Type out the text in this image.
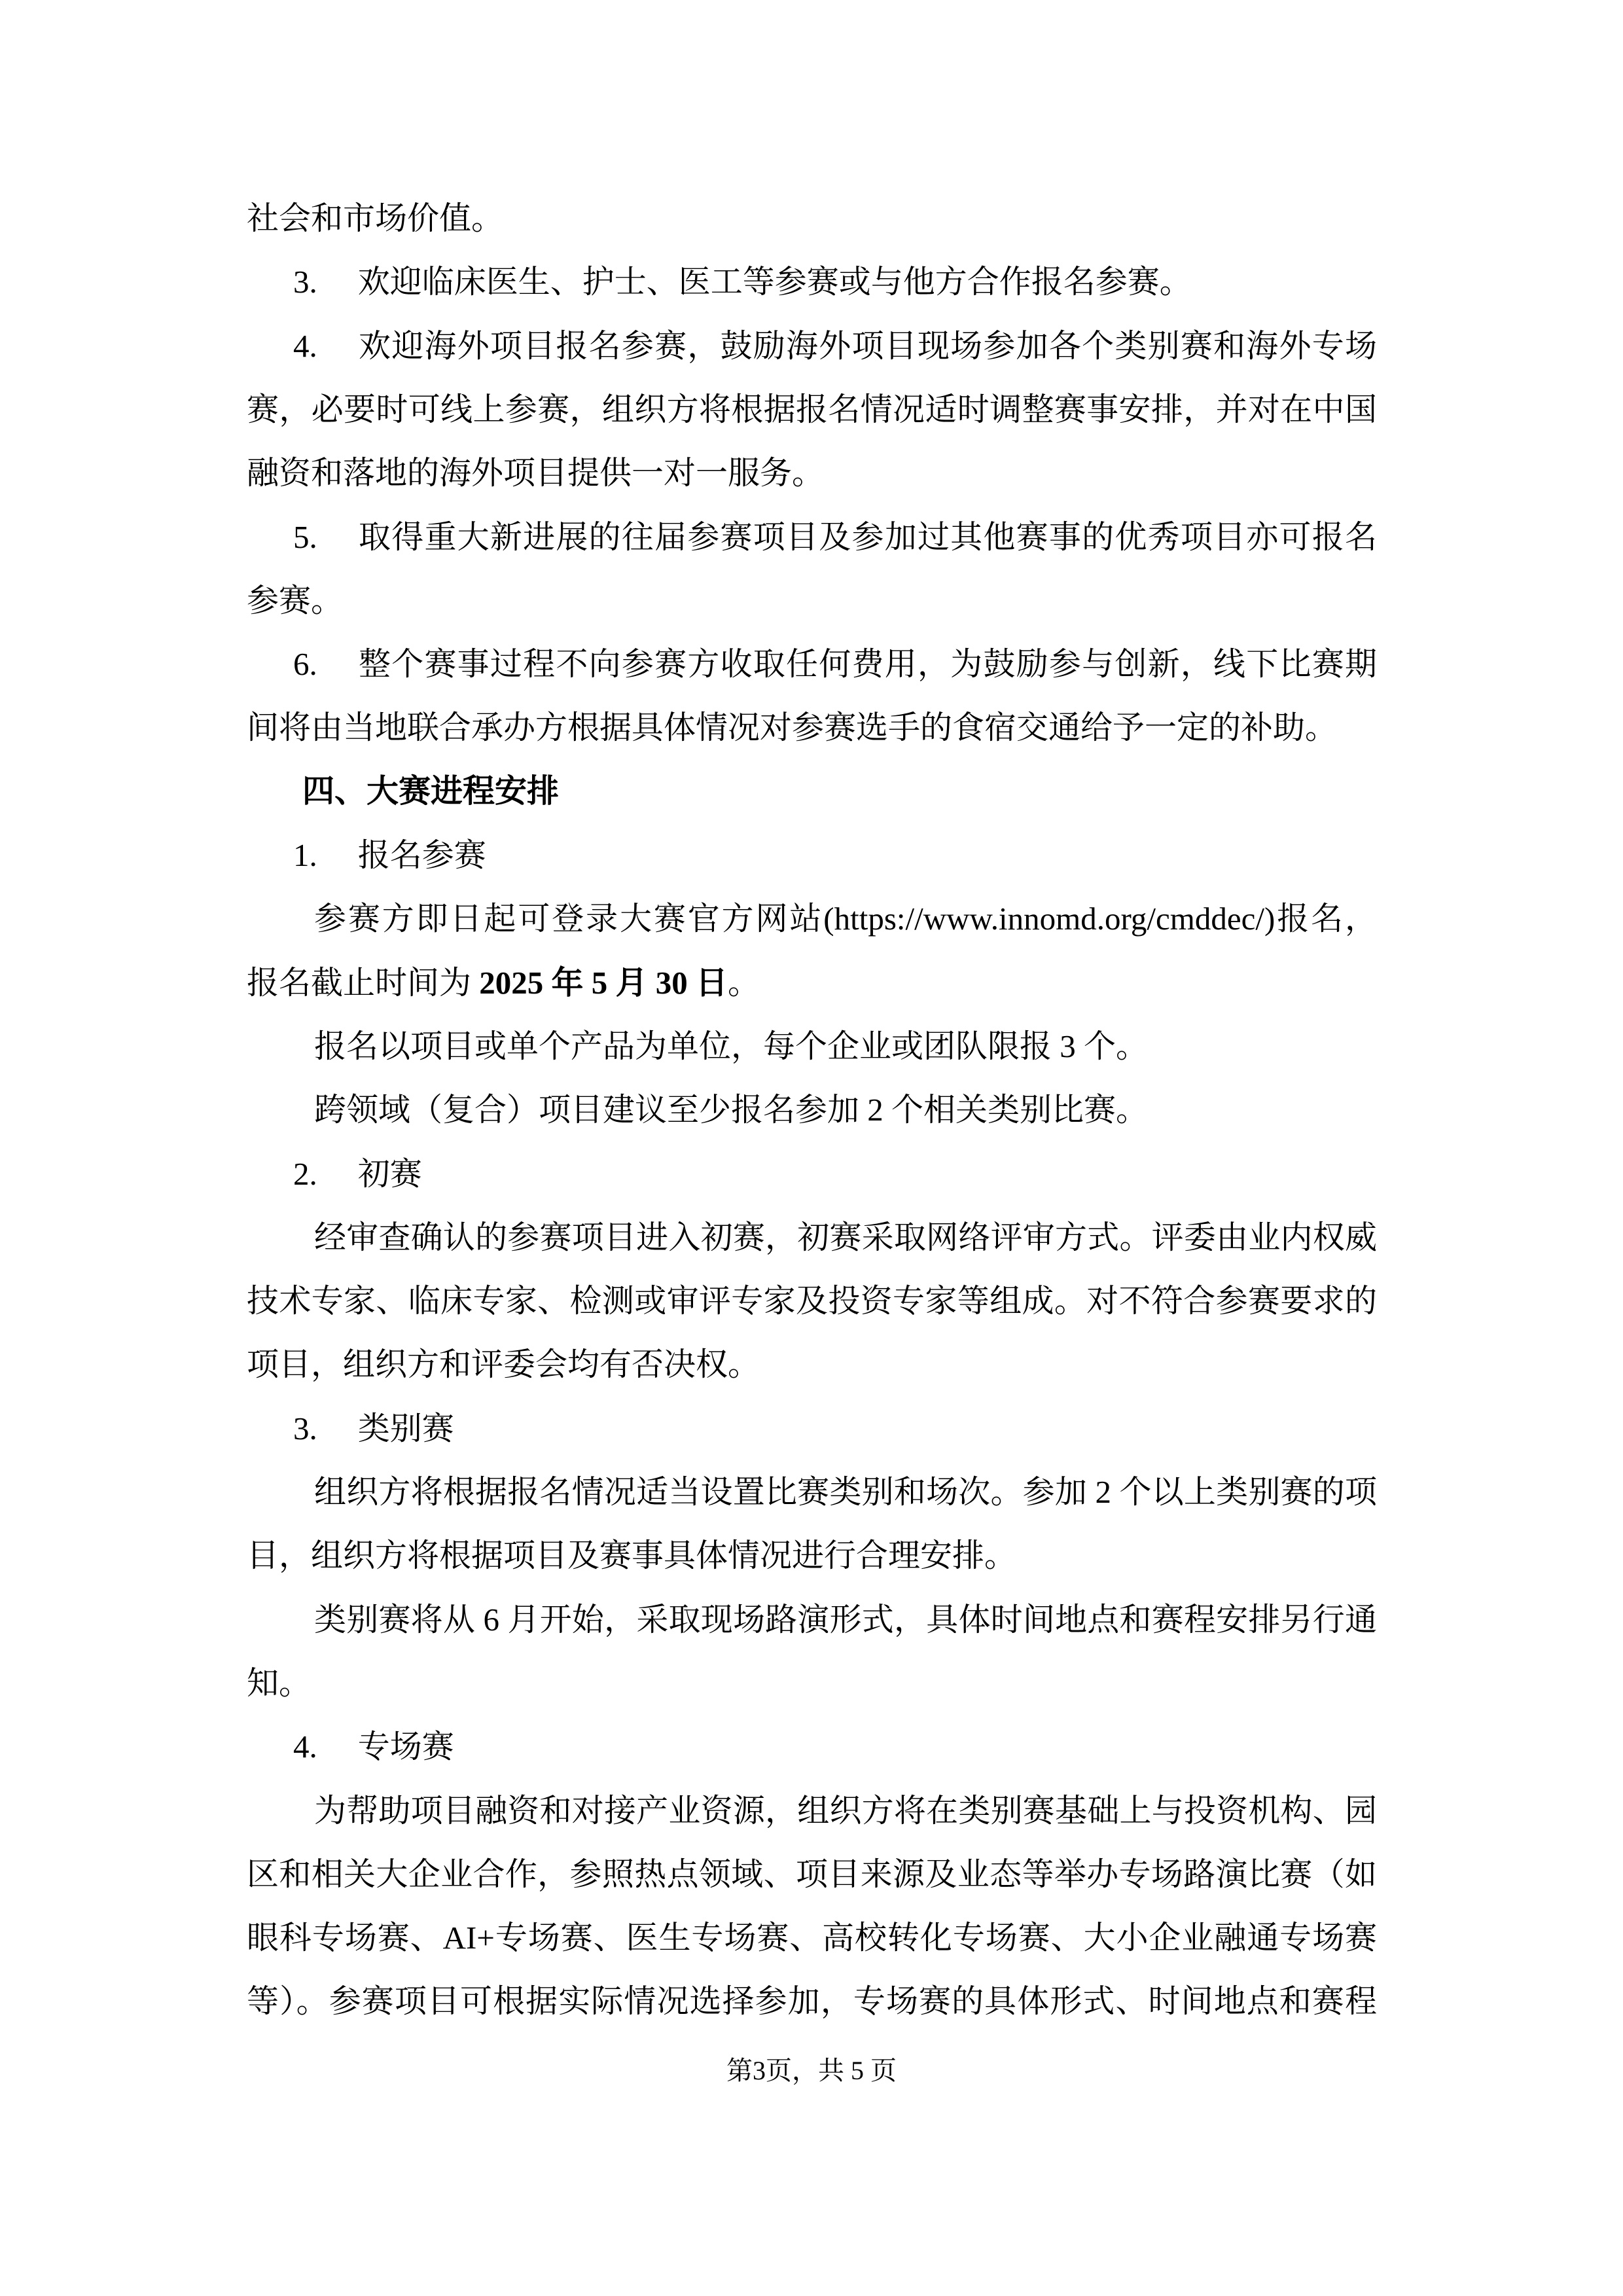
社会和市场价值。
3. 欢迎临床医生、护士、医工等参赛或与他方合作报名参赛。
4. 欢迎海外项目报名参赛，鼓励海外项目现场参加各个类别赛和海外专场
赛，必要时可线上参赛，组织方将根据报名情况适时调整赛事安排，并对在中国
融资和落地的海外项目提供一对一服务。
5. 取得重大新进展的往届参赛项目及参加过其他赛事的优秀项目亦可报名
参赛。
6. 整个赛事过程不向参赛方收取任何费用，为鼓励参与创新，线下比赛期
间将由当地联合承办方根据具体情况对参赛选手的食宿交通给予一定的补助。
四、大赛进程安排
1. 报名参赛
参赛方即日起可登录大赛官方网站(https://www.innomd.org/cmddec/)报名，
报名截止时间为 2025 年 5 月 30 日。
报名以项目或单个产品为单位，每个企业或团队限报 3 个。
跨领域（复合）项目建议至少报名参加 2 个相关类别比赛。
2. 初赛
经审查确认的参赛项目进入初赛，初赛采取网络评审方式。评委由业内权威
技术专家、临床专家、检测或审评专家及投资专家等组成。对不符合参赛要求的
项目，组织方和评委会均有否决权。
3. 类别赛
组织方将根据报名情况适当设置比赛类别和场次。参加 2 个以上类别赛的项
目，组织方将根据项目及赛事具体情况进行合理安排。
类别赛将从 6 月开始，采取现场路演形式，具体时间地点和赛程安排另行通
知。
4. 专场赛
为帮助项目融资和对接产业资源，组织方将在类别赛基础上与投资机构、园
区和相关大企业合作，参照热点领域、项目来源及业态等举办专场路演比赛（如
眼科专场赛、AI+专场赛、医生专场赛、高校转化专场赛、大小企业融通专场赛
等）。参赛项目可根据实际情况选择参加，专场赛的具体形式、时间地点和赛程
第3页，共 5 页
